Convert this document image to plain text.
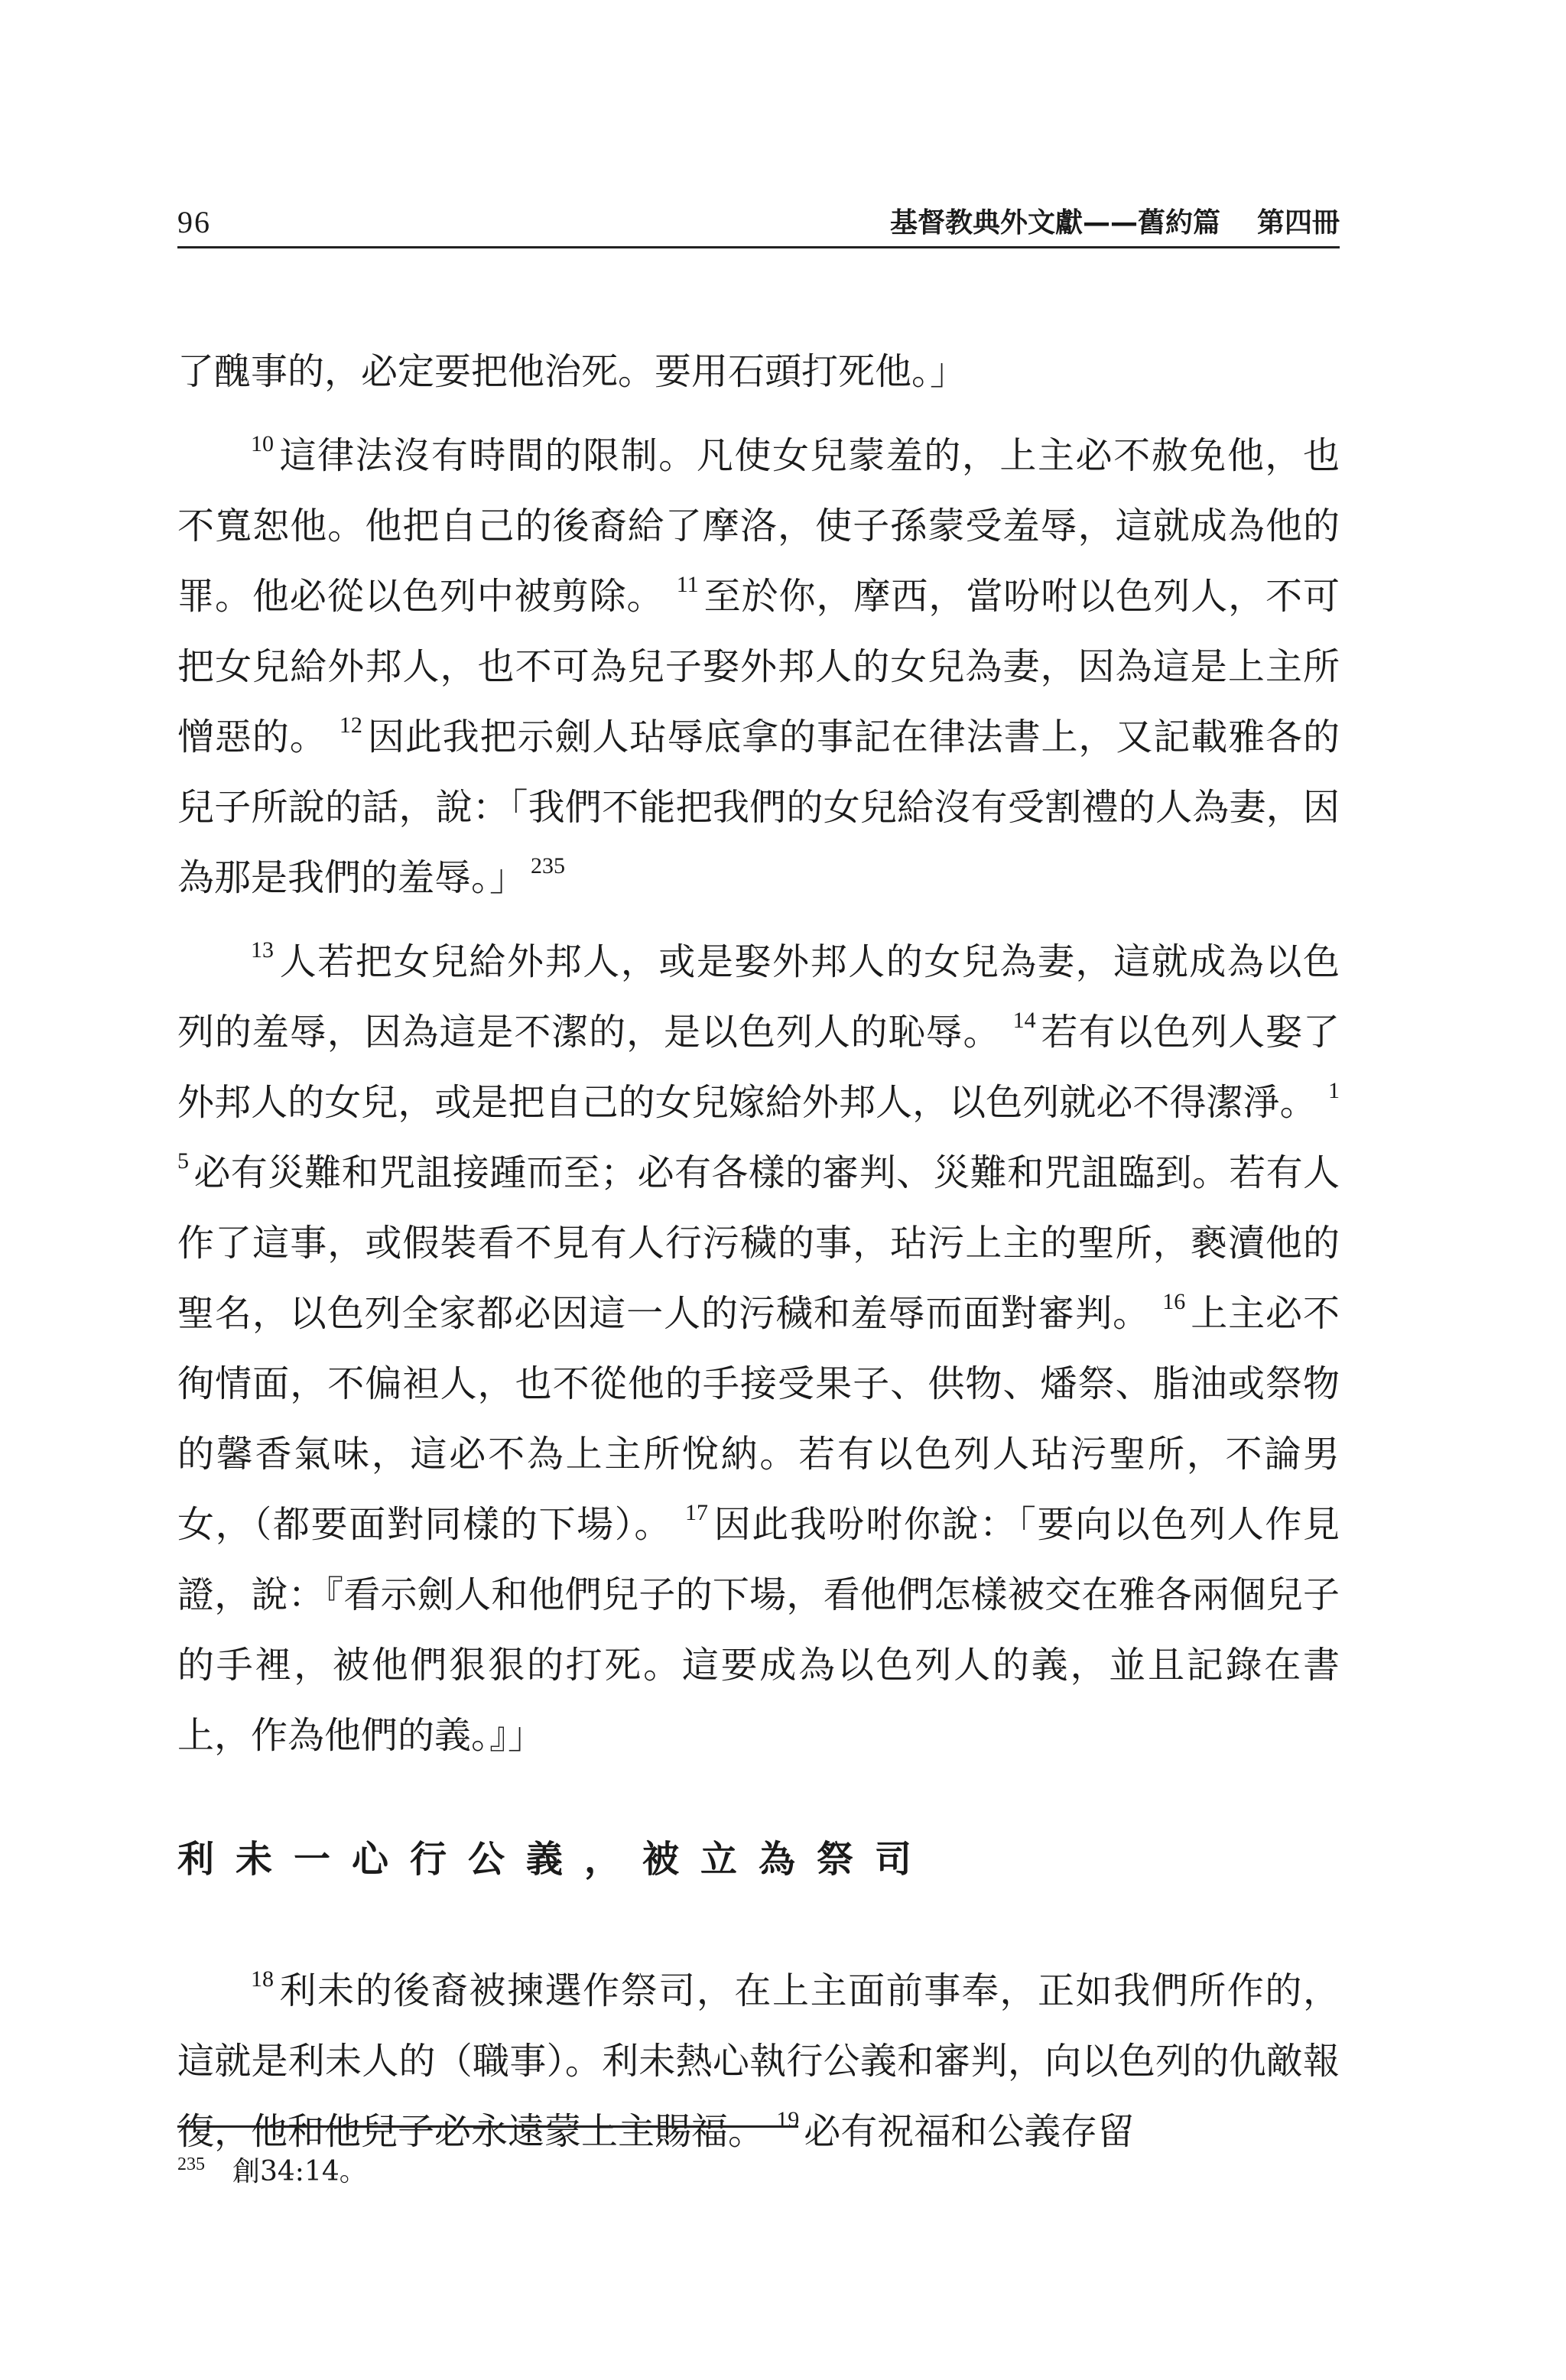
96	基督教典外文獻——舊約篇 第四冊

了醜事的，必定要把他治死。要用石頭打死他。」

$^{10}$ 這律法沒有時間的限制。凡使女兒蒙羞的，上主必不赦免他，也不寬恕他。他把自己的後裔給了摩洛，使子孫蒙受羞辱，這就成為他的罪。他必從以色列中被剪除。 $^{11}$ 至於你，摩西，當吩咐以色列人，不可把女兒給外邦人，也不可為兒子娶外邦人的女兒為妻，因為這是上主所憎惡的。 $^{12}$ 因此我把示劍人玷辱底拿的事記在律法書上，又記載雅各的兒子所說的話，說：「我們不能把我們的女兒給沒有受割禮的人為妻，因為那是我們的羞辱。」 $^{235}$

$^{13}$ 人若把女兒給外邦人，或是娶外邦人的女兒為妻，這就成為以色列的羞辱，因為這是不潔的，是以色列人的恥辱。 $^{14}$ 若有以色列人娶了外邦人的女兒，或是把自己的女兒嫁給外邦人，以色列就必不得潔淨。 $^{15}$ 必有災難和咒詛接踵而至；必有各樣的審判、災難和咒詛臨到。若有人作了這事，或假裝看不見有人行污穢的事，玷污上主的聖所，褻瀆他的聖名，以色列全家都必因這一人的污穢和羞辱而面對審判。 $^{16}$ 上主必不徇情面，不偏袒人，也不從他的手接受果子、供物、燔祭、脂油或祭物的馨香氣味，這必不為上主所悅納。若有以色列人玷污聖所，不論男女，（都要面對同樣的下場）。 $^{17}$ 因此我吩咐你說：「要向以色列人作見證，說：『看示劍人和他們兒子的下場，看他們怎樣被交在雅各兩個兒子的手裡，被他們狠狠的打死。這要成為以色列人的義，並且記錄在書上，作為他們的義。』」

利未一心行公義，被立為祭司

$^{18}$ 利未的後裔被揀選作祭司，在上主面前事奉，正如我們所作的，這就是利未人的（職事）。利未熱心執行公義和審判，向以色列的仇敵報復，他和他兒子必永遠蒙上主賜福。 $^{19}$ 必有祝福和公義存留

$^{235}$ 創34:14。
